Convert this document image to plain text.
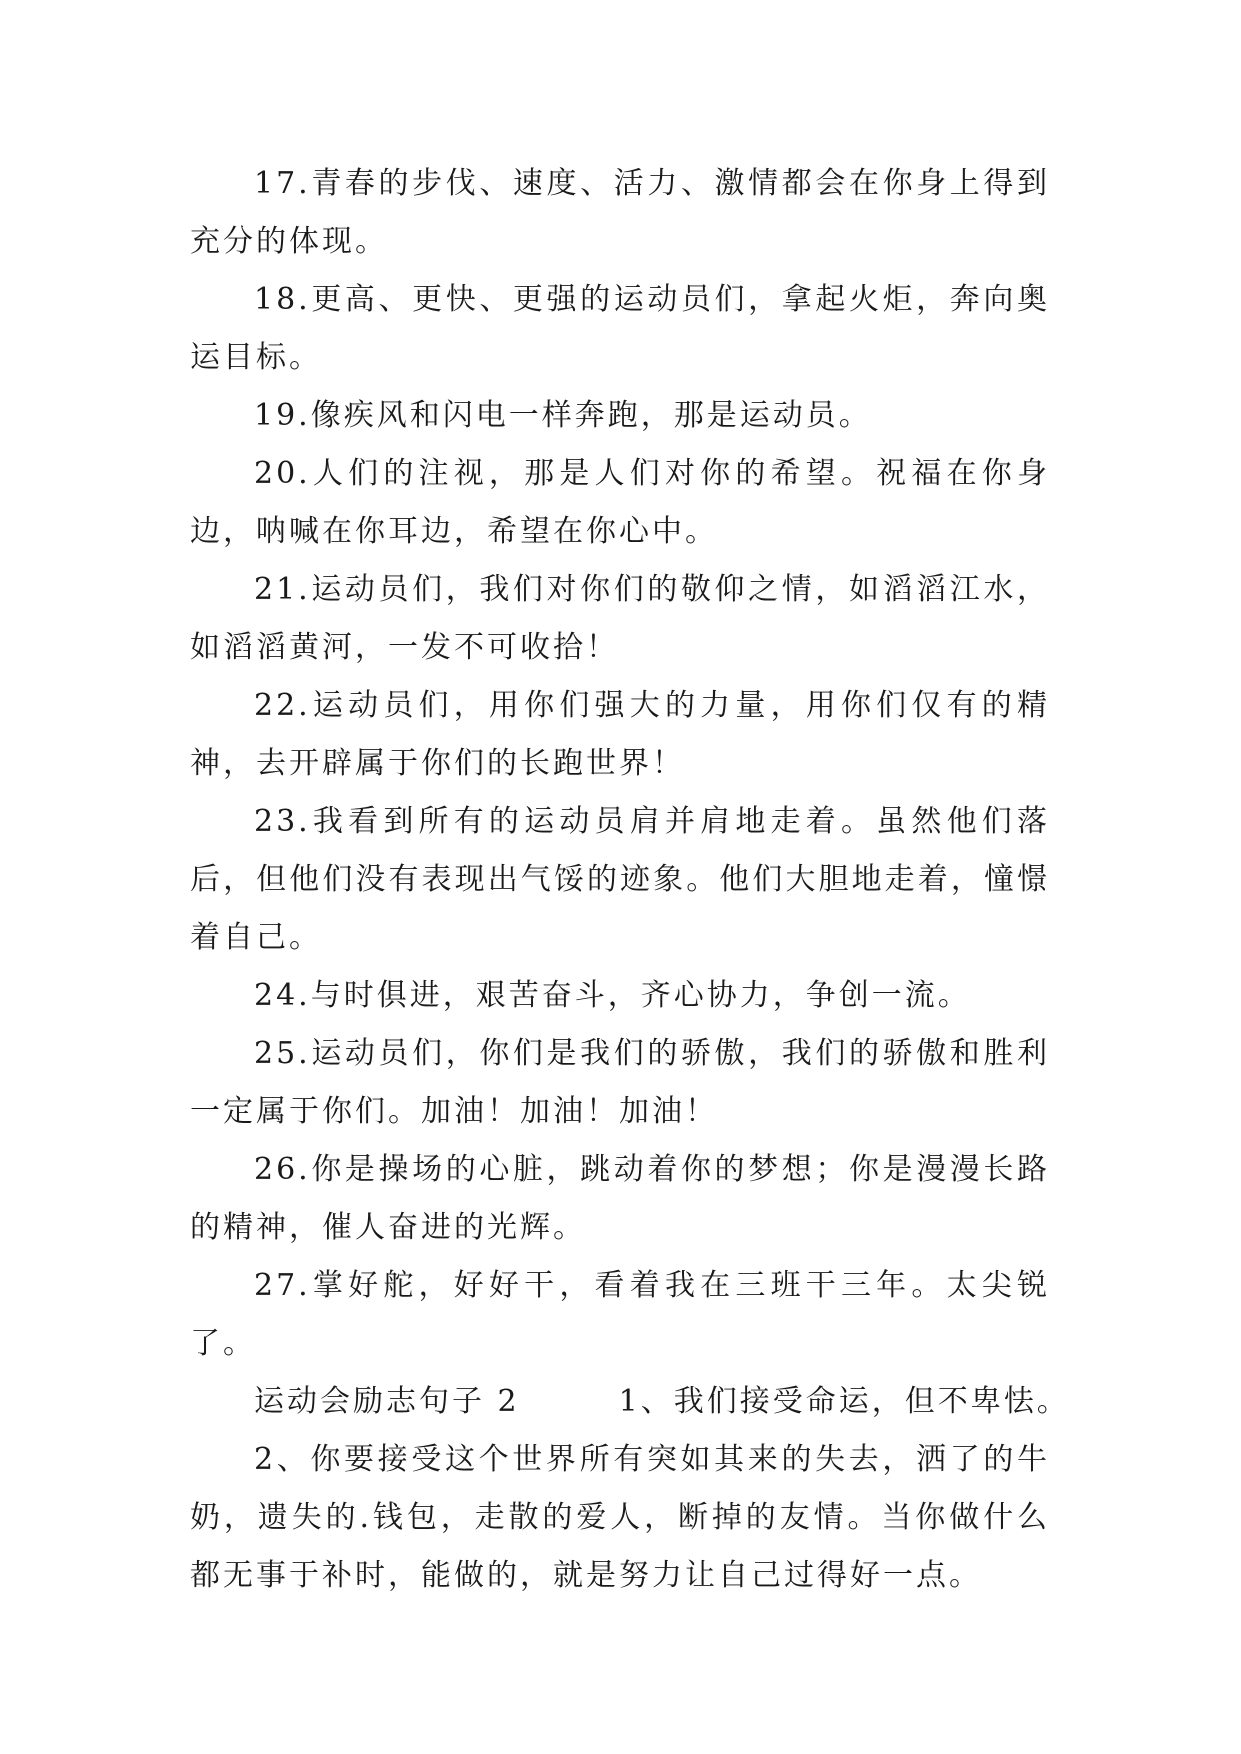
17.青春的步伐、速度、活力、激情都会在你身上得到充分的体现。

18.更高、更快、更强的运动员们，拿起火炬，奔向奥运目标。

19.像疾风和闪电一样奔跑，那是运动员。

20.人们的注视，那是人们对你的希望。祝福在你身边，呐喊在你耳边，希望在你心中。

21.运动员们，我们对你们的敬仰之情，如滔滔江水，如滔滔黄河，一发不可收拾！

22.运动员们，用你们强大的力量，用你们仅有的精神，去开辟属于你们的长跑世界！

23.我看到所有的运动员肩并肩地走着。虽然他们落后，但他们没有表现出气馁的迹象。他们大胆地走着，憧憬着自己。

24.与时俱进，艰苦奋斗，齐心协力，争创一流。

25.运动员们，你们是我们的骄傲，我们的骄傲和胜利一定属于你们。加油！加油！加油！

26.你是操场的心脏，跳动着你的梦想；你是漫漫长路的精神，催人奋进的光辉。

27.掌好舵，好好干，看着我在三班干三年。太尖锐了。

运动会励志句子 2　　　1、我们接受命运，但不卑怯。

2、你要接受这个世界所有突如其来的失去，洒了的牛奶，遗失的.钱包，走散的爱人，断掉的友情。当你做什么都无事于补时，能做的，就是努力让自己过得好一点。
